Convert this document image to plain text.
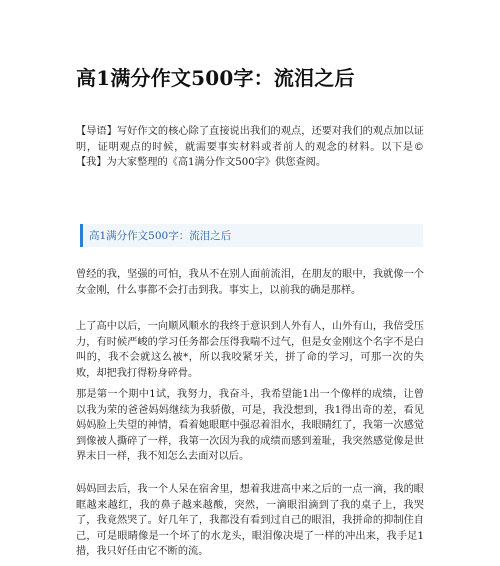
高1满分作文500字：流泪之后

【导语】写好作文的核心除了直接说出我们的观点，还要对我们的观点加以证明，证明观点的时候，就需要事实材料或者前人的观念的材料。以下是©【我】为大家整理的《高1满分作文500字》供您查阅。

高1满分作文500字：流泪之后

曾经的我，坚强的可怕，我从不在别人面前流泪，在朋友的眼中，我就像一个女金刚，什么事都不会打击到我。事实上，以前我的确是那样。

上了高中以后，一向顺风顺水的我终于意识到人外有人，山外有山，我倍受压力，有时候严峻的学习任务都会压得我喘不过气，但是女金刚这个名字不是白叫的，我不会就这么被*，所以我咬紧牙关，拼了命的学习，可那一次的失败，却把我打得粉身碎骨。

那是第一个期中1试，我努力，我奋斗，我希望能1出一个像样的成绩，让曾以我为荣的爸爸妈妈继续为我骄傲，可是，我没想到，我1得出奇的差，看见妈妈脸上失望的神情，看着她眼眶中强忍着泪水，我眼睛红了，我第一次感觉到像被人撕碎了一样，我第一次因为我的成绩而感到羞耻，我突然感觉像是世界末日一样，我不知怎么去面对以后。

妈妈回去后，我一个人呆在宿舍里，想着我进高中来之后的一点一滴，我的眼眶越来越红，我的鼻子越来越酸，突然，一滴眼泪滴到了我的桌子上，我哭了，我竟然哭了。好几年了，我都没有看到过自己的眼泪，我拼命的抑制住自己，可是眼睛像是一个坏了的水龙头，眼泪像决堤了一样的冲出来，我手足1措，我只好任由它不断的流。
